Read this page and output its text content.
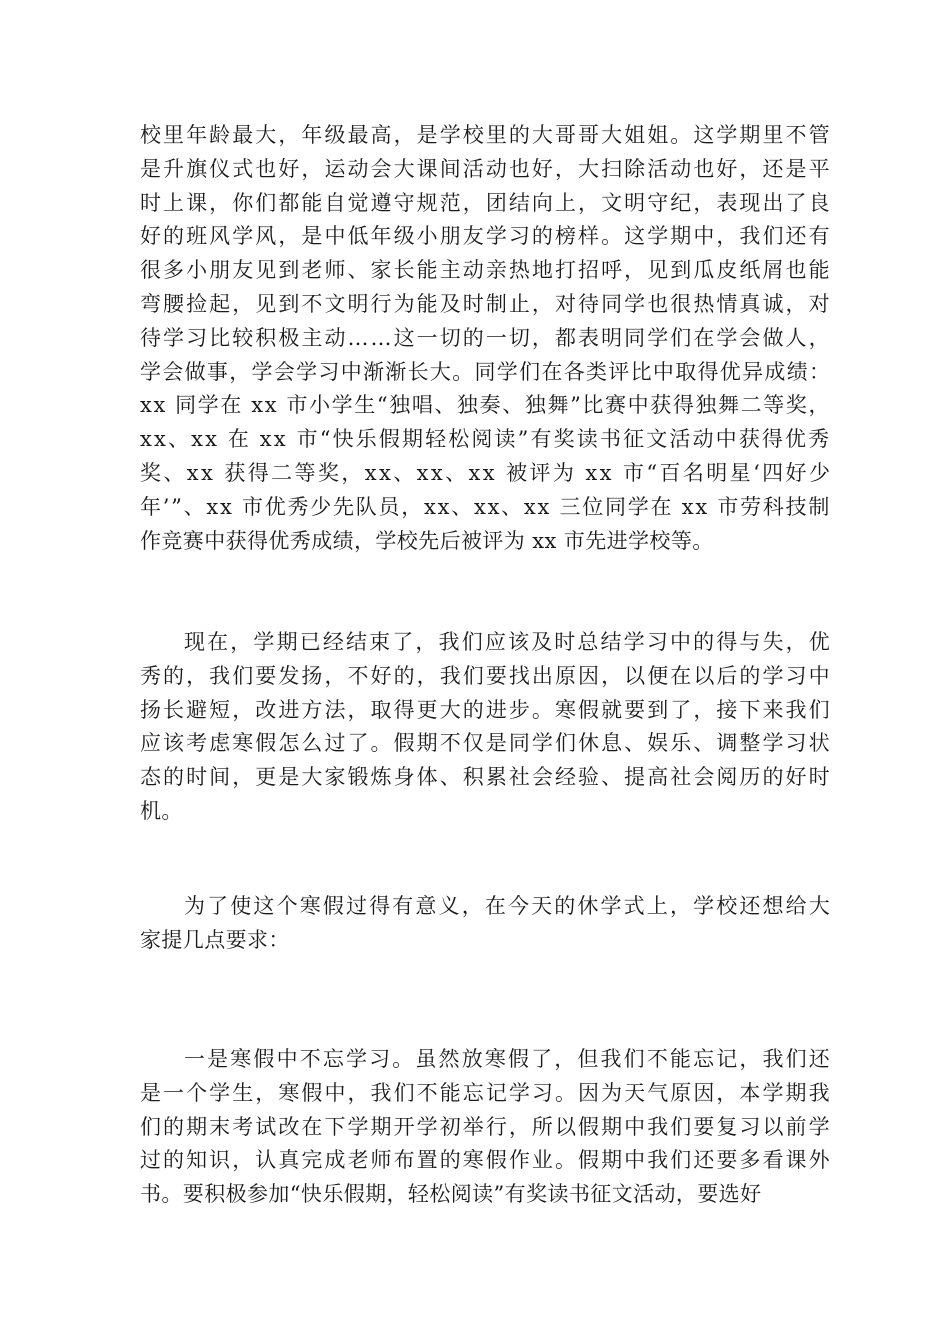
校里年龄最大，年级最高，是学校里的大哥哥大姐姐。这学期里不管
是升旗仪式也好，运动会大课间活动也好，大扫除活动也好，还是平
时上课，你们都能自觉遵守规范，团结向上，文明守纪，表现出了良
好的班风学风，是中低年级小朋友学习的榜样。这学期中，我们还有
很多小朋友见到老师、家长能主动亲热地打招呼，见到瓜皮纸屑也能
弯腰捡起，见到不文明行为能及时制止，对待同学也很热情真诚，对
待学习比较积极主动……这一切的一切，都表明同学们在学会做人，
学会做事，学会学习中渐渐长大。同学们在各类评比中取得优异成绩：
xx 同学在 xx 市小学生“独唱、独奏、独舞”比赛中获得独舞二等奖，
xx、xx 在 xx 市“快乐假期轻松阅读”有奖读书征文活动中获得优秀
奖、xx 获得二等奖，xx、xx、xx 被评为 xx 市“百名明星‘四好少
年’”、xx 市优秀少先队员，xx、xx、xx 三位同学在 xx 市劳科技制
作竞赛中获得优秀成绩，学校先后被评为 xx 市先进学校等。
现在，学期已经结束了，我们应该及时总结学习中的得与失，优
秀的，我们要发扬，不好的，我们要找出原因，以便在以后的学习中
扬长避短，改进方法，取得更大的进步。寒假就要到了，接下来我们
应该考虑寒假怎么过了。假期不仅是同学们休息、娱乐、调整学习状
态的时间，更是大家锻炼身体、积累社会经验、提高社会阅历的好时
机。
为了使这个寒假过得有意义，在今天的休学式上，学校还想给大
家提几点要求：
一是寒假中不忘学习。虽然放寒假了，但我们不能忘记，我们还
是一个学生，寒假中，我们不能忘记学习。因为天气原因，本学期我
们的期末考试改在下学期开学初举行，所以假期中我们要复习以前学
过的知识，认真完成老师布置的寒假作业。假期中我们还要多看课外
书。要积极参加“快乐假期，轻松阅读”有奖读书征文活动，要选好
